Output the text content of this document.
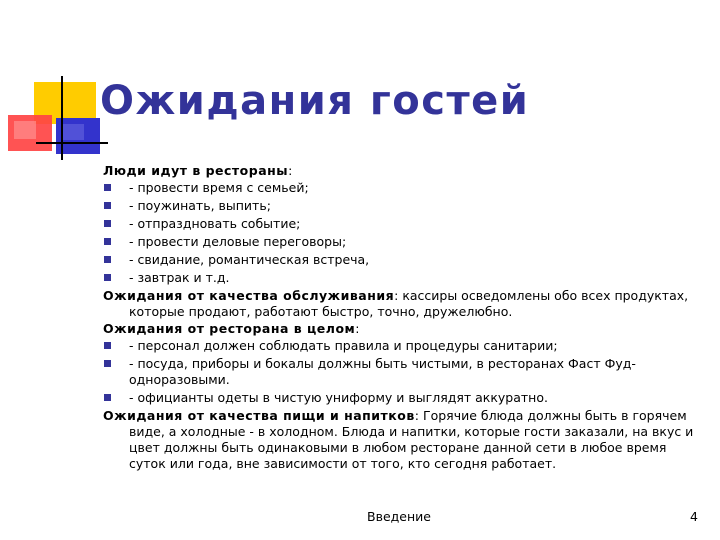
Ожидания гостей

Люди идут в рестораны:

- провести время с семьей;
- поужинать, выпить;
- отпраздновать событие;
- провести деловые переговоры;
- свидание, романтическая встреча,
- завтрак и т.д.

Ожидания от качества обслуживания: кассиры осведомлены обо всех продуктах, которые продают, работают быстро, точно, дружелюбно.

Ожидания от ресторана в целом:

- персонал должен соблюдать правила и процедуры санитарии;
- посуда, приборы и бокалы должны быть чистыми, в ресторанах Фаст Фуд-одноразовыми.
- официанты одеты в чистую униформу и выглядят аккуратно.

Ожидания от качества пищи и напитков: Горячие блюда должны быть в горячем виде, а холодные - в холодном. Блюда и напитки, которые гости заказали, на вкус и цвет должны быть одинаковыми в любом ресторане данной сети в любое время суток или года, вне зависимости от того, кто сегодня работает.

Введение	4
